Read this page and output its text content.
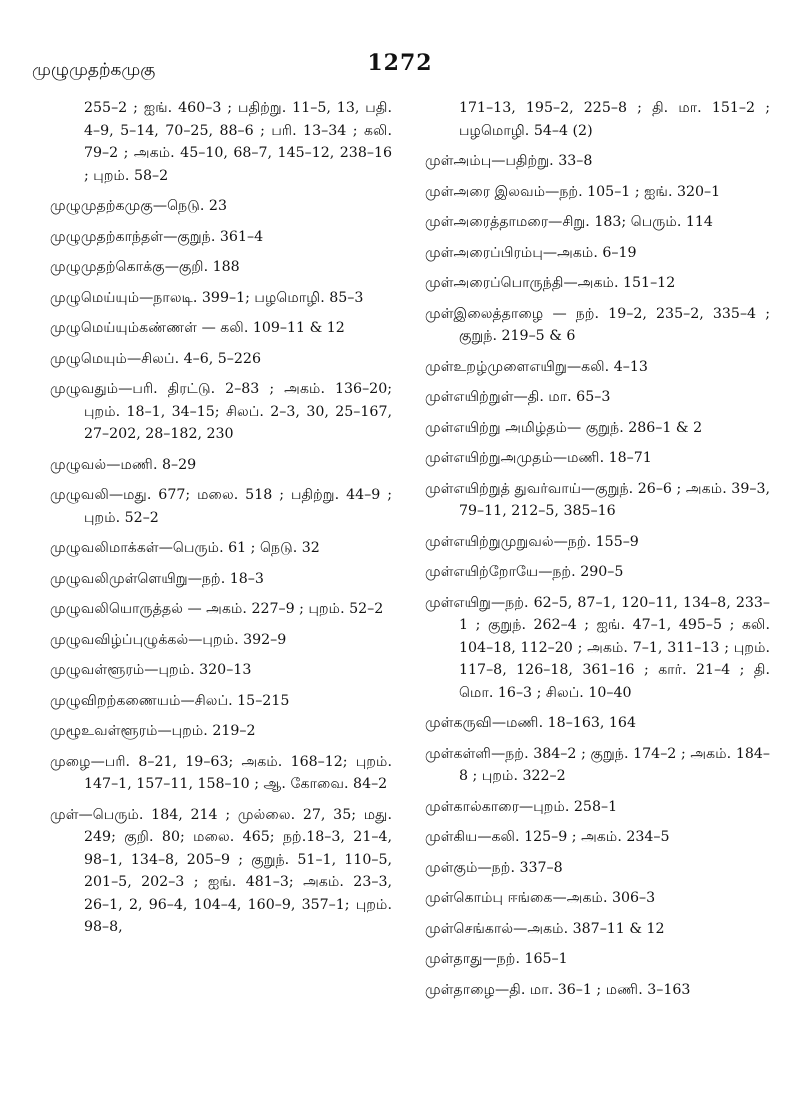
1272
முழுமுதற்கமுகு

255–2 ; ஐங். 460–3 ; பதிற்று. 11–5, 13, பதி. 4–9, 5–14, 70–25, 88–6 ; பரி. 13–34 ; கலி. 79–2 ; அகம். 45–10, 68–7, 145–12, 238–16 ; புறம். 58–2

முழுமுதற்கமுகு—நெடு. 23

முழுமுதற்காந்தள்—குறுந். 361–4

முழுமுதற்கொக்கு—குறி. 188

முழுமெய்யும்—நாலடி. 399–1; பழமொழி. 85–3

முழுமெய்யும்கண்ணள் — கலி. 109–11 & 12

முழுமெயும்—சிலப். 4–6, 5–226

முழுவதும்—பரி. திரட்டு. 2–83 ; அகம். 136–20; புறம். 18–1, 34–15; சிலப். 2–3, 30, 25–167, 27–202, 28–182, 230

முழுவல்—மணி. 8–29

முழுவலி—மது. 677; மலை. 518 ; பதிற்று. 44–9 ; புறம். 52–2

முழுவலிமாக்கள்—பெரும். 61 ; நெடு. 32

முழுவலிமுள்ளெயிறு—நற். 18–3

முழுவலியொருத்தல் — அகம். 227–9 ; புறம். 52–2

முழுவவிழ்ப்புழுக்கல்—புறம். 392–9

முழுவள்ளூரம்—புறம். 320–13

முழுவிறற்கணையம்—சிலப். 15–215

முழூஉவள்ளூரம்—புறம். 219–2

முழை—பரி. 8–21, 19–63; அகம். 168–12; புறம். 147–1, 157–11, 158–10 ; ஆ. கோவை. 84–2

முள்—பெரும். 184, 214 ; முல்லை. 27, 35; மது. 249; குறி. 80; மலை. 465; நற்.18–3, 21–4, 98–1, 134–8, 205–9 ; குறுந். 51–1, 110–5, 201–5, 202–3 ; ஐங். 481–3; அகம். 23–3, 26–1, 2, 96–4, 104–4, 160–9, 357–1; புறம். 98–8,

171–13, 195–2, 225–8 ; தி. மா. 151–2 ; பழமொழி. 54–4 (2)

முள்அம்பு—பதிற்று. 33–8

முள்அரை இலவம்—நற். 105–1 ; ஐங். 320–1

முள்அரைத்தாமரை—சிறு. 183; பெரும். 114

முள்அரைப்பிரம்பு—அகம். 6–19

முள்அரைப்பொருந்தி—அகம். 151–12

முள்இலைத்தாழை — நற். 19–2, 235–2, 335–4 ; குறுந். 219–5 & 6

முள்உறழ்முளைஎயிறு—கலி. 4–13

முள்எயிற்றுள்—தி. மா. 65–3

முள்எயிற்று அமிழ்தம்— குறுந். 286–1 & 2

முள்எயிற்றுஅமுதம்—மணி. 18–71

முள்எயிற்றுத் துவர்வாய்—குறுந். 26–6 ; அகம். 39–3, 79–11, 212–5, 385–16

முள்எயிற்றுமுறுவல்—நற். 155–9

முள்எயிற்றோயே—நற். 290–5

முள்எயிறு—நற். 62–5, 87–1, 120–11, 134–8, 233–1 ; குறுந். 262–4 ; ஐங். 47–1, 495–5 ; கலி. 104–18, 112–20 ; அகம். 7–1, 311–13 ; புறம். 117–8, 126–18, 361–16 ; கார். 21–4 ; தி. மொ. 16–3 ; சிலப். 10–40

முள்கருவி—மணி. 18–163, 164

முள்கள்ளி—நற். 384–2 ; குறுந். 174–2 ; அகம். 184–8 ; புறம். 322–2

முள்கால்காரை—புறம். 258–1

முள்கிய—கலி. 125–9 ; அகம். 234–5

முள்கும்—நற். 337–8

முள்கொம்பு ஈங்கை—அகம். 306–3

முள்செங்கால்—அகம். 387–11 & 12

முள்தாது—நற். 165–1

முள்தாழை—தி. மா. 36–1 ; மணி. 3–163
